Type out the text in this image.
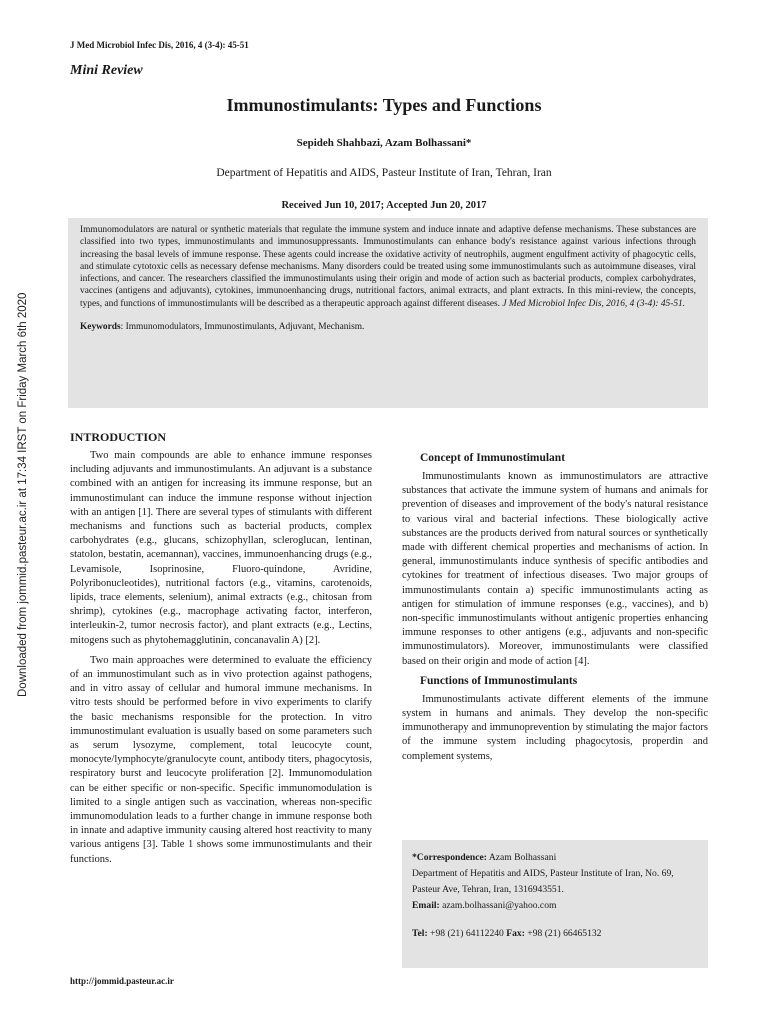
Downloaded from jommid.pasteur.ac.ir at 17:34 IRST on Friday March 6th 2020
J Med Microbiol Infec Dis, 2016, 4 (3-4): 45-51
Mini Review
Immunostimulants: Types and Functions
Sepideh Shahbazi, Azam Bolhassani*
Department of Hepatitis and AIDS, Pasteur Institute of Iran, Tehran, Iran
Received Jun 10, 2017; Accepted Jun 20, 2017

Immunomodulators are natural or synthetic materials that regulate the immune system and induce innate and adaptive defense mechanisms. These substances are classified into two types, immunostimulants and immunosuppressants. Immunostimulants can enhance body's resistance against various infections through increasing the basal levels of immune response. These agents could increase the oxidative activity of neutrophils, augment engulfment activity of phagocytic cells, and stimulate cytotoxic cells as necessary defense mechanisms. Many disorders could be treated using some immunostimulants such as autoimmune diseases, viral infections, and cancer. The researchers classified the immunostimulants using their origin and mode of action such as bacterial products, complex carbohydrates, vaccines (antigens and adjuvants), cytokines, immunoenhancing drugs, nutritional factors, animal extracts, and plant extracts. In this mini-review, the concepts, types, and functions of immunostimulants will be described as a therapeutic approach against different diseases. J Med Microbiol Infec Dis, 2016, 4 (3-4): 45-51.

Keywords: Immunomodulators, Immunostimulants, Adjuvant, Mechanism.

INTRODUCTION

Two main compounds are able to enhance immune responses including adjuvants and immunostimulants. An adjuvant is a substance combined with an antigen for increasing its immune response, but an immunostimulant can induce the immune response without injection with an antigen [1]. There are several types of stimulants with different mechanisms and functions such as bacterial products, complex carbohydrates (e.g., glucans, schizophyllan, scleroglucan, lentinan, statolon, bestatin, acemannan), vaccines, immunoenhancing drugs (e.g., Levamisole, Isoprinosine, Fluoro-quindone, Avridine, Polyribonucleotides), nutritional factors (e.g., vitamins, carotenoids, lipids, trace elements, selenium), animal extracts (e.g., chitosan from shrimp), cytokines (e.g., macrophage activating factor, interferon, interleukin-2, tumor necrosis factor), and plant extracts (e.g., Lectins, mitogens such as phytohemagglutinin, concanavalin A) [2].

Two main approaches were determined to evaluate the efficiency of an immunostimulant such as in vivo protection against pathogens, and in vitro assay of cellular and humoral immune mechanisms. In vitro tests should be performed before in vivo experiments to clarify the basic mechanisms responsible for the protection. In vitro immunostimulant evaluation is usually based on some parameters such as serum lysozyme, complement, total leucocyte count, monocyte/lymphocyte/granulocyte count, antibody titers, phagocytosis, respiratory burst and leucocyte proliferation [2]. Immunomodulation can be either specific or non-specific. Specific immunomodulation is limited to a single antigen such as vaccination, whereas non-specific immunomodulation leads to a further change in immune response both in innate and adaptive immunity causing altered host reactivity to many various antigens [3]. Table 1 shows some immunostimulants and their functions.

Concept of Immunostimulant

Immunostimulants known as immunostimulators are attractive substances that activate the immune system of humans and animals for prevention of diseases and improvement of the body's natural resistance to various viral and bacterial infections. These biologically active substances are the products derived from natural sources or synthetically made with different chemical properties and mechanisms of action. In general, immunostimulants induce synthesis of specific antibodies and cytokines for treatment of infectious diseases. Two major groups of immunostimulants contain a) specific immunostimulants acting as antigen for stimulation of immune responses (e.g., vaccines), and b) non-specific immunostimulants without antigenic properties enhancing immune responses to other antigens (e.g., adjuvants and non-specific immunostimulators). Moreover, immunostimulants were classified based on their origin and mode of action [4].

Functions of Immunostimulants

Immunostimulants activate different elements of the immune system in humans and animals. They develop the non-specific immunotherapy and immunoprevention by stimulating the major factors of the immune system including phagocytosis, properdin and complement systems,

*Correspondence: Azam Bolhassani
Department of Hepatitis and AIDS, Pasteur Institute of Iran, No. 69, Pasteur Ave, Tehran, Iran, 1316943551.
Email: azam.bolhassani@yahoo.com
Tel: +98 (21) 64112240 Fax: +98 (21) 66465132
http://jommid.pasteur.ac.ir
